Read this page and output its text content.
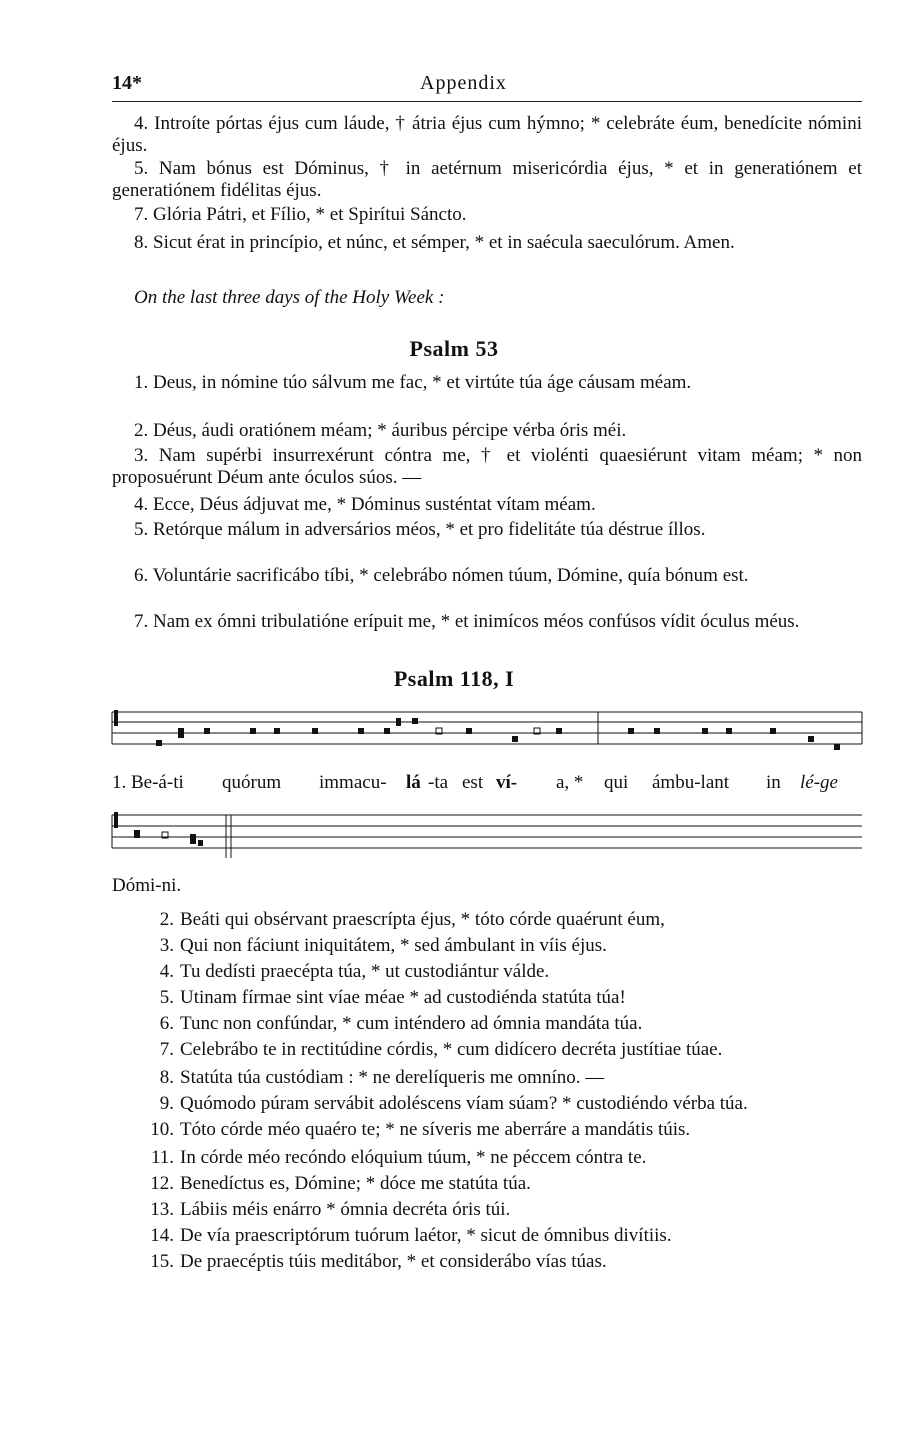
14*	Appendix
4. Introíte pórtas éjus cum láude, † átria éjus cum hýmno; * celebráte éum, benedícite nómini éjus.
5. Nam bónus est Dóminus, † in aetérnum misericórdia éjus, * et in generatiónem et generatiónem fidélitas éjus.
7. Glória Pátri, et Fílio, * et Spirítui Sáncto.
8. Sicut érat in princípio, et núnc, et sémper, * et in saécula saeculórum. Amen.
On the last three days of the Holy Week :
Psalm 53
1. Deus, in nómine túo sálvum me fac, * et virtúte túa áge cáusam méam.
2. Déus, áudi oratiónem méam; * áuribus pércipe vérba óris méi.
3. Nam supérbi insurrexérunt cóntra me, † et violénti quaesiérunt vitam méam; * non proposuérunt Déum ante óculos súos. —
4. Ecce, Déus ádjuvat me, * Dóminus susténtat vítam méam.
5. Retórque málum in adversários méos, * et pro fidelitáte túa déstrue íllos.
6. Voluntárie sacrificábo tíbi, * celebrábo nómen túum, Dómine, quía bónum est.
7. Nam ex ómni tribulatióne erípuit me, * et inimícos méos confúsos vídit óculus méus.
Psalm 118, I
1. Be-á-ti quórum immacu- lá -ta est ví- a, * qui ámbu-lant in lé-ge
Dómi-ni.
2. Beáti qui obsérvant praescrípta éjus, * tóto córde quaérunt éum,
3. Qui non fáciunt iniquitátem, * sed ámbulant in víis éjus.
4. Tu dedísti praecépta túa, * ut custodiántur válde.
5. Utinam fírmae sint víae méae * ad custodiénda statúta túa!
6. Tunc non confúndar, * cum inténdero ad ómnia mandáta túa.
7. Celebrábo te in rectitúdine córdis, * cum didícero decréta justítiae túae.
8. Statúta túa custódiam : * ne derelíqueris me omníno. —
9. Quómodo púram servábit adoléscens víam súam? * custodiéndo vérba túa.
10. Tóto córde méo quaéro te; * ne síveris me aberráre a mandátis túis.
11. In córde méo recóndo elóquium túum, * ne péccem cóntra te.
12. Benedíctus es, Dómine; * dóce me statúta túa.
13. Lábiis méis enárro * ómnia decréta óris túi.
14. De vía praescriptórum tuórum laétor, * sicut de ómnibus divítiis.
15. De praecéptis túis meditábor, * et considerábo vías túas.
